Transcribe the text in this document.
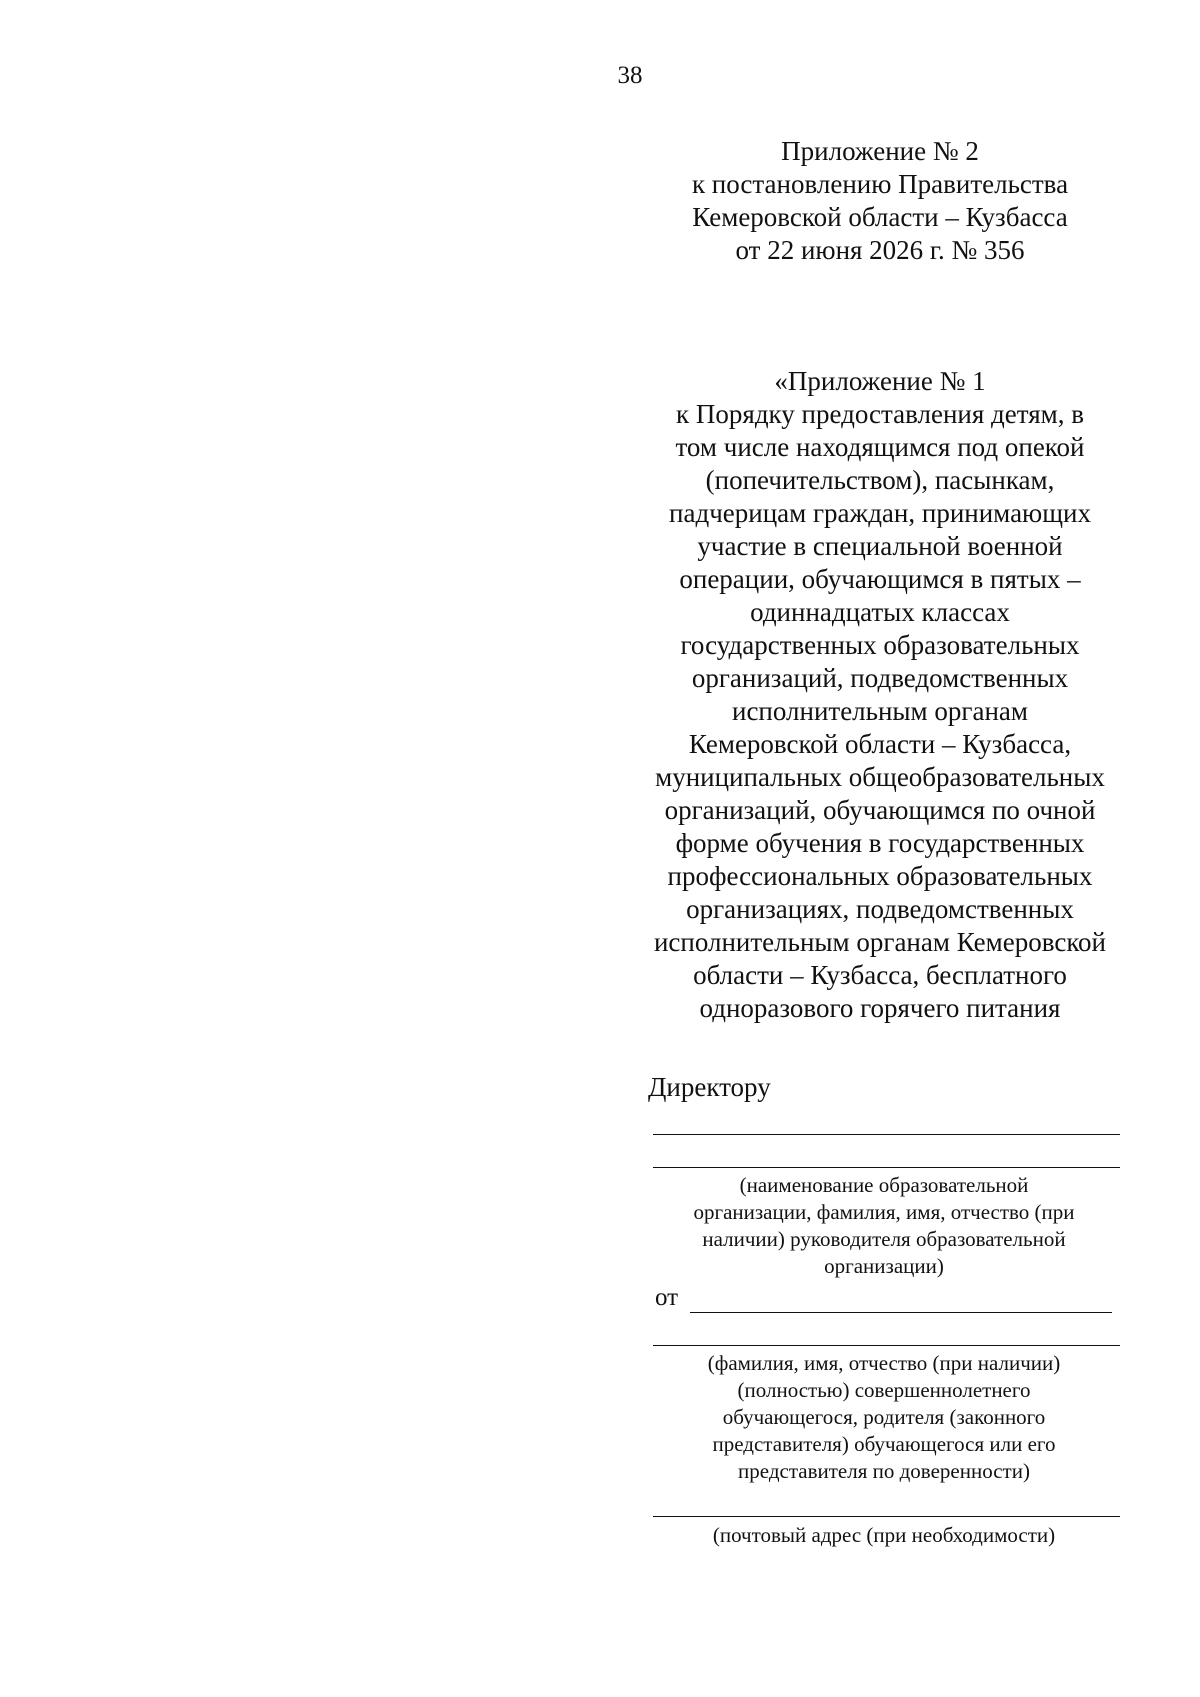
38
Приложение № 2
к постановлению Правительства
Кемеровской области – Кузбасса
от 22 июня 2026 г. № 356
«Приложение № 1
к Порядку предоставления детям, в
том числе находящимся под опекой
(попечительством), пасынкам,
падчерицам граждан, принимающих
участие в специальной военной
операции, обучающимся в пятых –
одиннадцатых классах
государственных образовательных
организаций, подведомственных
исполнительным органам
Кемеровской области – Кузбасса,
муниципальных общеобразовательных
организаций, обучающимся по очной
форме обучения в государственных
профессиональных образовательных
организациях, подведомственных
исполнительным органам Кемеровской
области – Кузбасса, бесплатного
одноразового горячего питания
Директору
(наименование образовательной
организации, фамилия, имя, отчество (при
наличии) руководителя образовательной
организации)
от
(фамилия, имя, отчество (при наличии)
(полностью) совершеннолетнего
обучающегося, родителя (законного
представителя) обучающегося или его
представителя по доверенности)
(почтовый адрес (при необходимости)
